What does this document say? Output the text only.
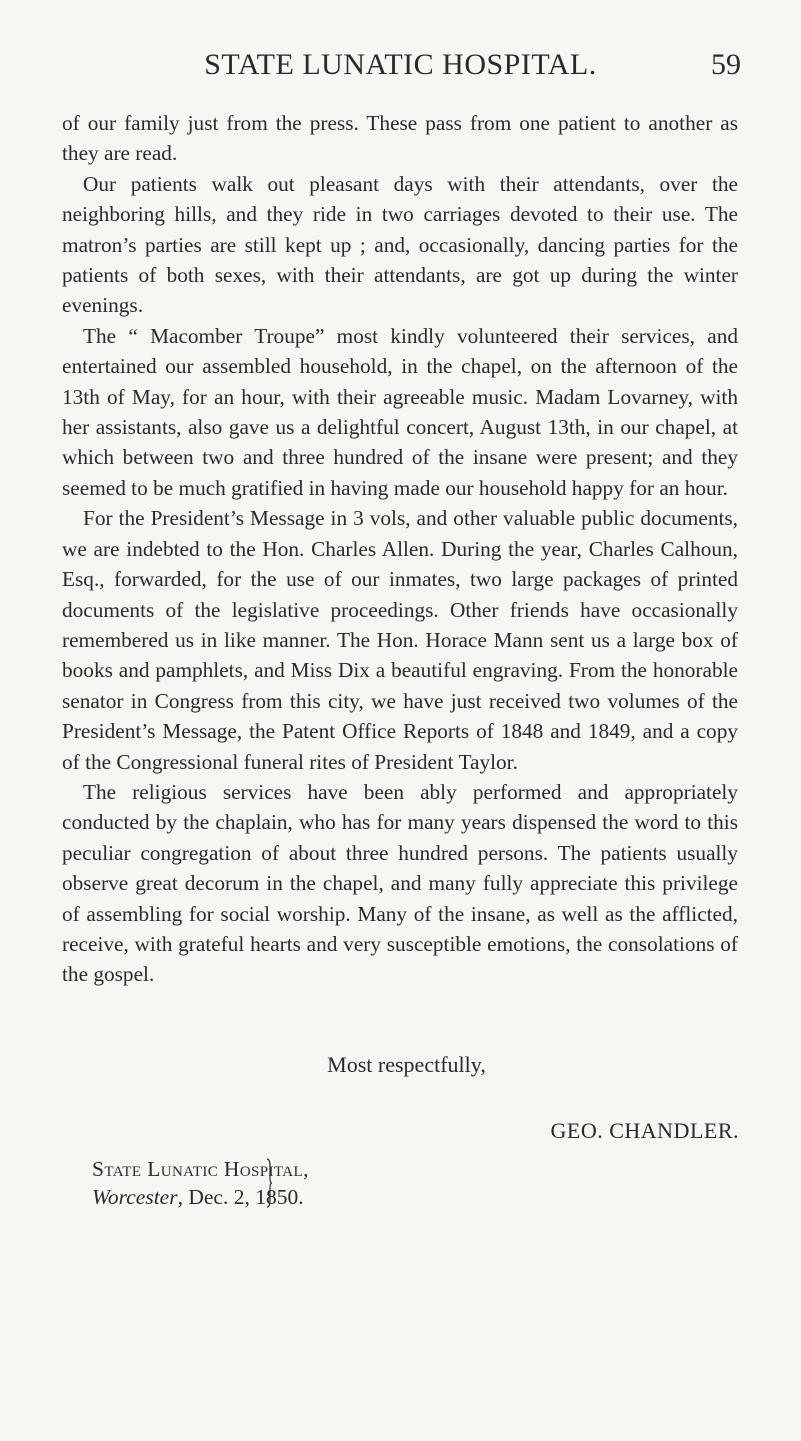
STATE LUNATIC HOSPITAL.	59

of our family just from the press. These pass from one patient to another as they are read.

Our patients walk out pleasant days with their attendants, over the neighboring hills, and they ride in two carriages devoted to their use. The matron’s parties are still kept up ; and, occasionally, dancing parties for the patients of both sexes, with their attendants, are got up during the winter evenings.

The “ Macomber Troupe” most kindly volunteered their services, and entertained our assembled household, in the chapel, on the afternoon of the 13th of May, for an hour, with their agreeable music. Madam Lovarney, with her assistants, also gave us a delightful concert, August 13th, in our chapel, at which between two and three hundred of the insane were present; and they seemed to be much gratified in having made our household happy for an hour.

For the President’s Message in 3 vols, and other valuable public documents, we are indebted to the Hon. Charles Allen. During the year, Charles Calhoun, Esq., forwarded, for the use of our inmates, two large packages of printed documents of the legislative proceedings. Other friends have occasionally remembered us in like manner. The Hon. Horace Mann sent us a large box of books and pamphlets, and Miss Dix a beautiful engraving. From the honorable senator in Congress from this city, we have just received two volumes of the President’s Message, the Patent Office Reports of 1848 and 1849, and a copy of the Congressional funeral rites of President Taylor.

The religious services have been ably performed and appropriately conducted by the chaplain, who has for many years dispensed the word to this peculiar congregation of about three hundred persons. The patients usually observe great decorum in the chapel, and many fully appreciate this privilege of assembling for social worship. Many of the insane, as well as the afflicted, receive, with grateful hearts and very susceptible emotions, the consolations of the gospel.

Most respectfully,
GEO. CHANDLER.
State Lunatic Hospital,
Worcester, Dec. 2, 1850.
